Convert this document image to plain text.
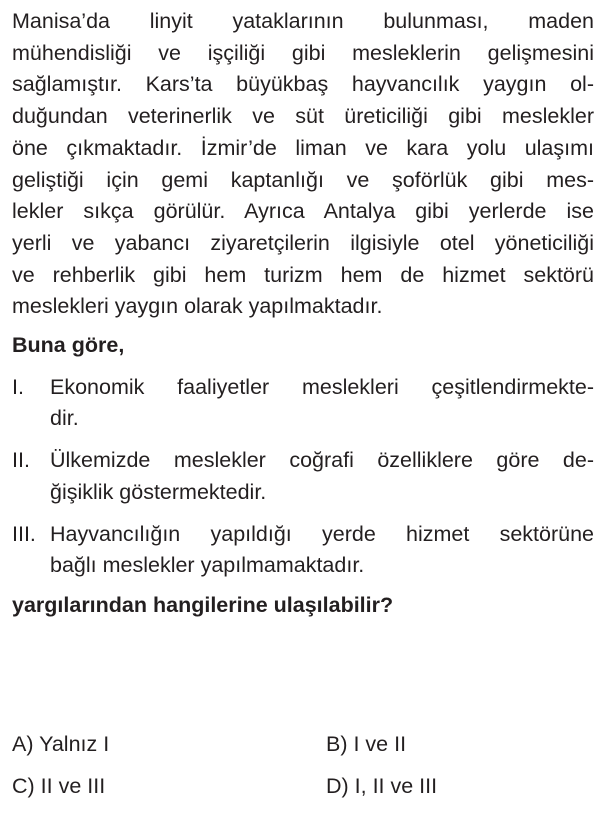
Manisa’da linyit yataklarının bulunması, maden
mühendisliği ve işçiliği gibi mesleklerin gelişmesini
sağlamıştır. Kars’ta büyükbaş hayvancılık yaygın ol-
duğundan veterinerlik ve süt üreticiliği gibi meslekler
öne çıkmaktadır. İzmir’de liman ve kara yolu ulaşımı
geliştiği için gemi kaptanlığı ve şoförlük gibi mes-
lekler sıkça görülür. Ayrıca Antalya gibi yerlerde ise
yerli ve yabancı ziyaretçilerin ilgisiyle otel yöneticiliği
ve rehberlik gibi hem turizm hem de hizmet sektörü
meslekleri yaygın olarak yapılmaktadır.
Buna göre,
I. Ekonomik faaliyetler meslekleri çeşitlendirmekte-
dir.
II. Ülkemizde meslekler coğrafi özelliklere göre de-
ğişiklik göstermektedir.
III. Hayvancılığın yapıldığı yerde hizmet sektörüne
bağlı meslekler yapılmamaktadır.
yargılarından hangilerine ulaşılabilir?
A) Yalnız I	B) I ve II
C) II ve III	D) I, II ve III
